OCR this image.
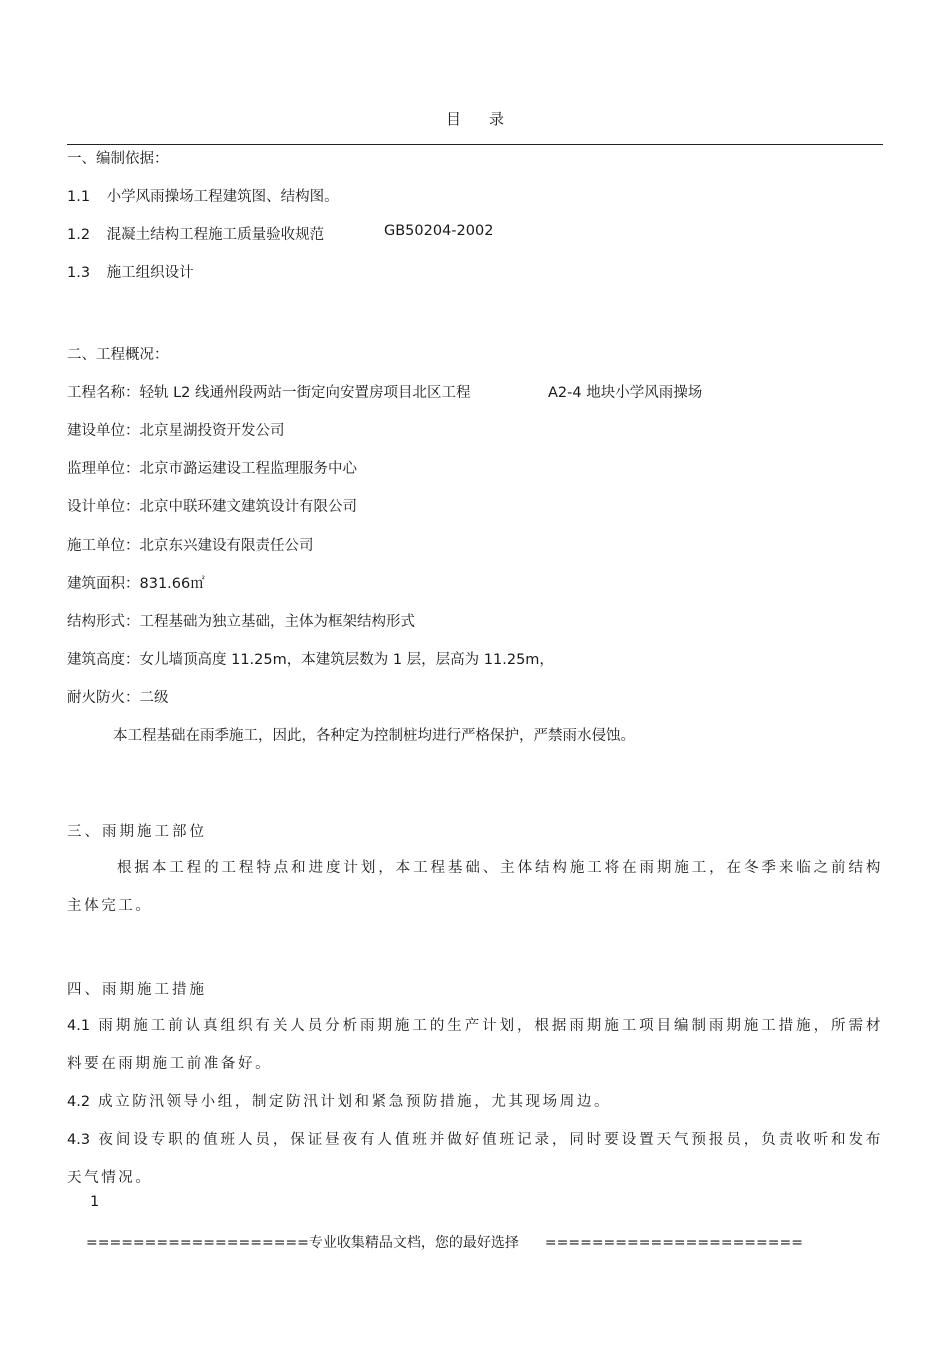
目 录
一、编制依据：
1.1 小学风雨操场工程建筑图、结构图。
1.2 混凝土结构工程施工质量验收规范	GB50204-2002
1.3 施工组织设计
二、工程概况：
工程名称：轻轨 L2 线通州段两站一街定向安置房项目北区工程	A2-4 地块小学风雨操场
建设单位：北京星湖投资开发公司
监理单位：北京市潞运建设工程监理服务中心
设计单位：北京中联环建文建筑设计有限公司
施工单位：北京东兴建设有限责任公司
建筑面积：831.66㎡
结构形式：工程基础为独立基础，主体为框架结构形式
建筑高度：女儿墙顶高度 11.25m，本建筑层数为 1 层，层高为 11.25m，
耐火防火：二级
本工程基础在雨季施工，因此，各种定为控制桩均进行严格保护，严禁雨水侵蚀。
三、雨期施工部位
根据本工程的工程特点和进度计划，本工程基础、主体结构施工将在雨期施工，在冬季来临之前结构主体完工。
四、雨期施工措施
4.1 雨期施工前认真组织有关人员分析雨期施工的生产计划，根据雨期施工项目编制雨期施工措施，所需材料要在雨期施工前准备好。
4.2 成立防汛领导小组，制定防汛计划和紧急预防措施，尤其现场周边。
4.3 夜间设专职的值班人员，保证昼夜有人值班并做好值班记录，同时要设置天气预报员，负责收听和发布天气情况。
1
===================专业收集精品文档，您的最好选择 ======================
